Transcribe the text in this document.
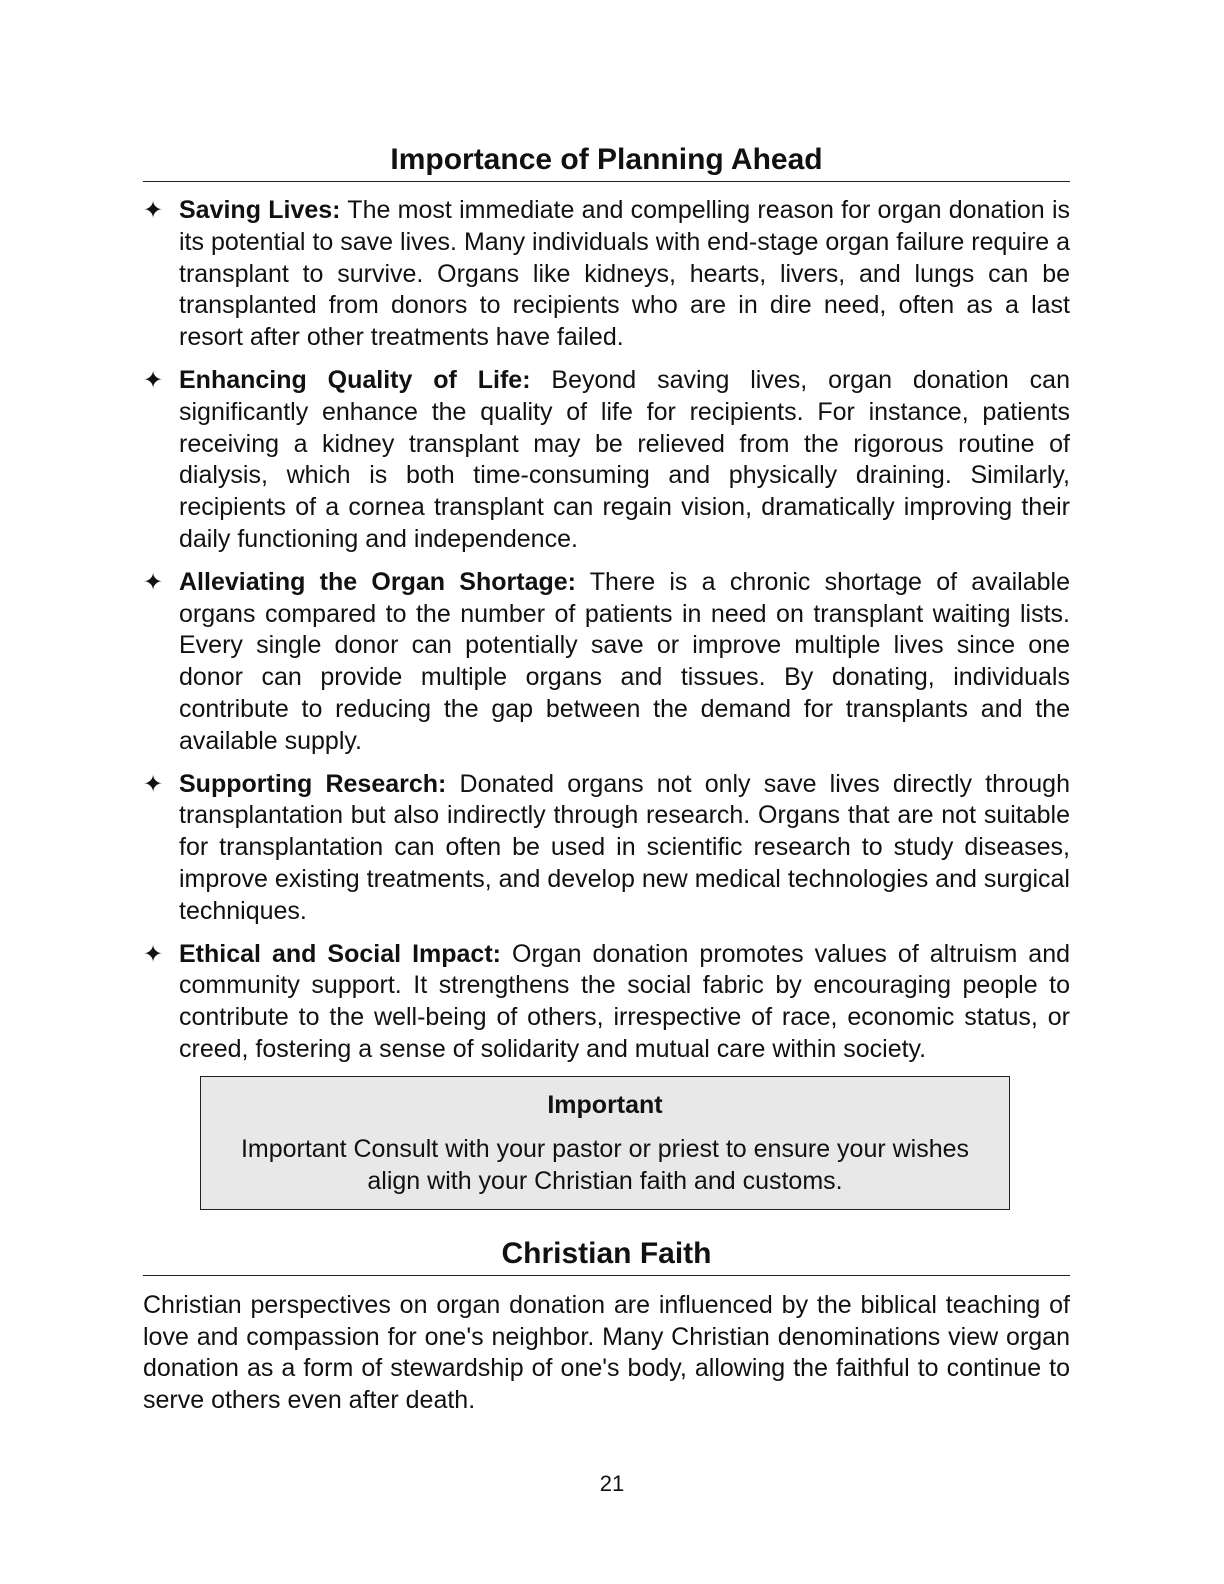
Importance of Planning Ahead
✦ Saving Lives: The most immediate and compelling reason for organ donation is its potential to save lives. Many individuals with end-stage organ failure require a transplant to survive. Organs like kidneys, hearts, livers, and lungs can be transplanted from donors to recipients who are in dire need, often as a last resort after other treatments have failed.
✦ Enhancing Quality of Life: Beyond saving lives, organ donation can significantly enhance the quality of life for recipients. For instance, patients receiving a kidney transplant may be relieved from the rigorous routine of dialysis, which is both time-consuming and physically draining. Similarly, recipients of a cornea transplant can regain vision, dramatically improving their daily functioning and independence.
✦ Alleviating the Organ Shortage: There is a chronic shortage of available organs compared to the number of patients in need on transplant waiting lists. Every single donor can potentially save or improve multiple lives since one donor can provide multiple organs and tissues. By donating, individuals contribute to reducing the gap between the demand for transplants and the available supply.
✦ Supporting Research: Donated organs not only save lives directly through transplantation but also indirectly through research. Organs that are not suitable for transplantation can often be used in scientific research to study diseases, improve existing treatments, and develop new medical technologies and surgical techniques.
✦ Ethical and Social Impact: Organ donation promotes values of altruism and community support. It strengthens the social fabric by encouraging people to contribute to the well-being of others, irrespective of race, economic status, or creed, fostering a sense of solidarity and mutual care within society.
Important
Important Consult with your pastor or priest to ensure your wishes align with your Christian faith and customs.
Christian Faith

Christian perspectives on organ donation are influenced by the biblical teaching of love and compassion for one's neighbor. Many Christian denominations view organ donation as a form of stewardship of one's body, allowing the faithful to continue to serve others even after death.

21
